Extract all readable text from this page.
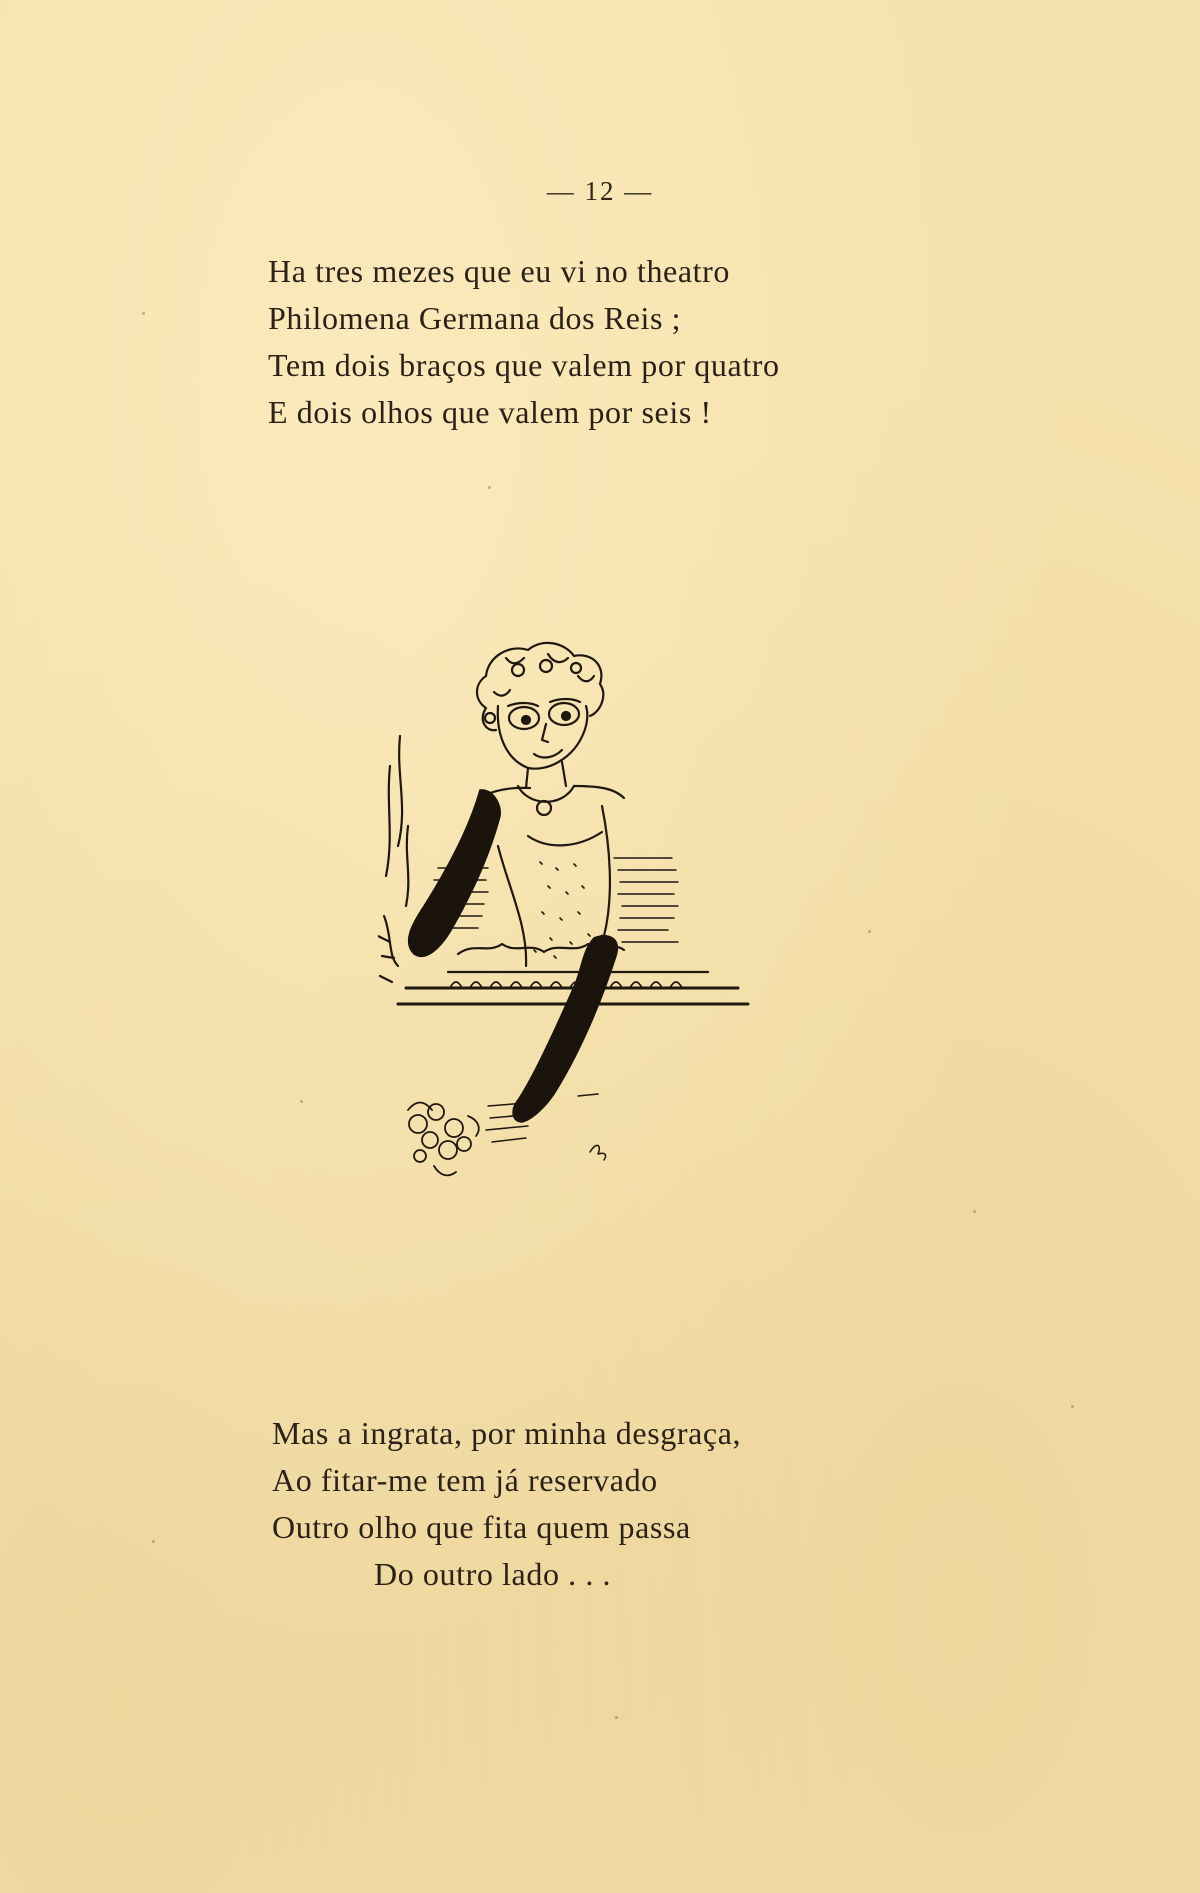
— 12 —
Ha tres mezes que eu vi no theatro
Philomena Germana dos Reis ;
Tem dois braços que valem por quatro
E dois olhos que valem por seis !
Mas a ingrata, por minha desgraça,
Ao fitar-me tem já reservado
Outro olho que fita quem passa
Do outro lado . . .
